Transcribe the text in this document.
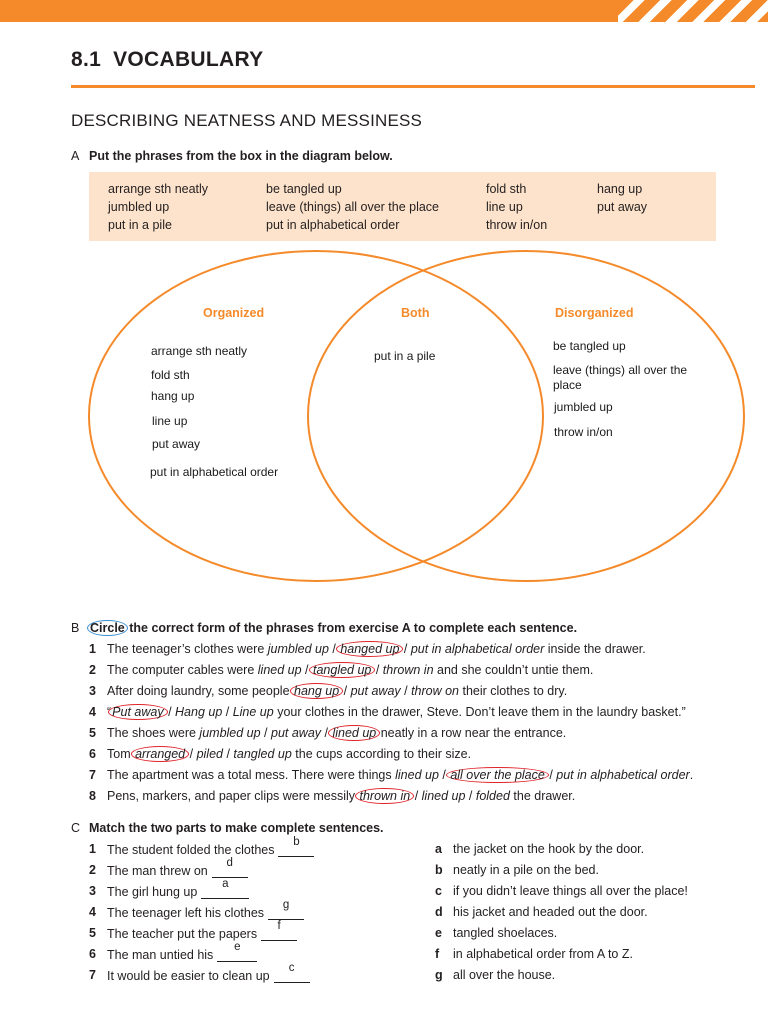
8.1 VOCABULARY
DESCRIBING NEATNESS AND MESSINESS
A Put the phrases from the box in the diagram below.
arrange sth neatly	be tangled up	fold sth	hang up
jumbled up	leave (things) all over the place	line up	put away
put in a pile	put in alphabetical order	throw in/on
Organized	Both	Disorganized
arrange sth neatly
fold sth
hang up
line up
put away
put in alphabetical order
put in a pile
be tangled up
leave (things) all over the place
jumbled up
throw in/on
B Circle the correct form of the phrases from exercise A to complete each sentence.
1 The teenager’s clothes were jumbled up / hanged up / put in alphabetical order inside the drawer.
2 The computer cables were lined up / tangled up / thrown in and she couldn’t untie them.
3 After doing laundry, some people hang up / put away / throw on their clothes to dry.
4 “Put away / Hang up / Line up your clothes in the drawer, Steve. Don’t leave them in the laundry basket.”
5 The shoes were jumbled up / put away / lined up neatly in a row near the entrance.
6 Tom arranged / piled / tangled up the cups according to their size.
7 The apartment was a total mess. There were things lined up / all over the place / put in alphabetical order.
8 Pens, markers, and paper clips were messily thrown in / lined up / folded the drawer.
C Match the two parts to make complete sentences.
1 The student folded the clothes
b
2 The man threw on
d
3 The girl hung up
a
4 The teenager left his clothes
g
5 The teacher put the papers
f
6 The man untied his
e
7 It would be easier to clean up
c
a the jacket on the hook by the door.
b neatly in a pile on the bed.
c if you didn’t leave things all over the place!
d his jacket and headed out the door.
e tangled shoelaces.
f in alphabetical order from A to Z.
g all over the house.
